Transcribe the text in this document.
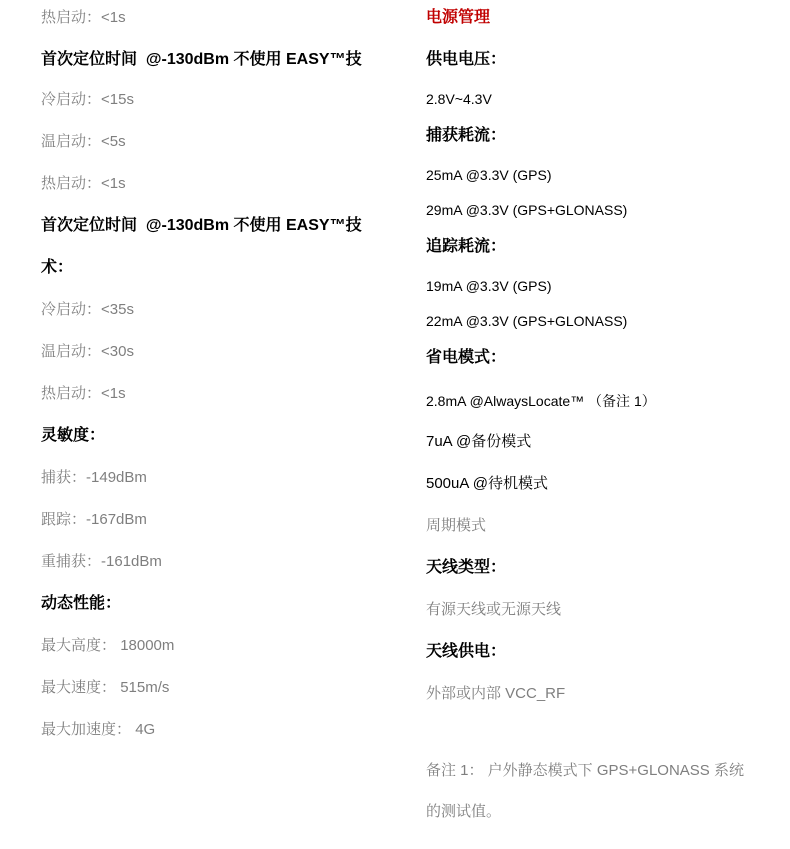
热启动：<1s
首次定位时间 @-130dBm 不使用 EASY™技
冷启动：<15s
温启动：<5s
热启动：<1s
首次定位时间 @-130dBm 不使用 EASY™技
术：
冷启动：<35s
温启动：<30s
热启动：<1s
灵敏度：
捕获：-149dBm
跟踪：-167dBm
重捕获：-161dBm
动态性能：
最大高度： 18000m
最大速度： 515m/s
最大加速度： 4G
电源管理
供电电压：
2.8V~4.3V
捕获耗流：
25mA @3.3V (GPS)
29mA @3.3V (GPS+GLONASS)
追踪耗流：
19mA @3.3V (GPS)
22mA @3.3V (GPS+GLONASS)
省电模式：
2.8mA @AlwaysLocate™ （备注 1）
7uA @备份模式
500uA @待机模式
周期模式
天线类型：
有源天线或无源天线
天线供电：
外部或内部 VCC_RF
备注 1： 户外静态模式下 GPS+GLONASS 系统
的测试值。
